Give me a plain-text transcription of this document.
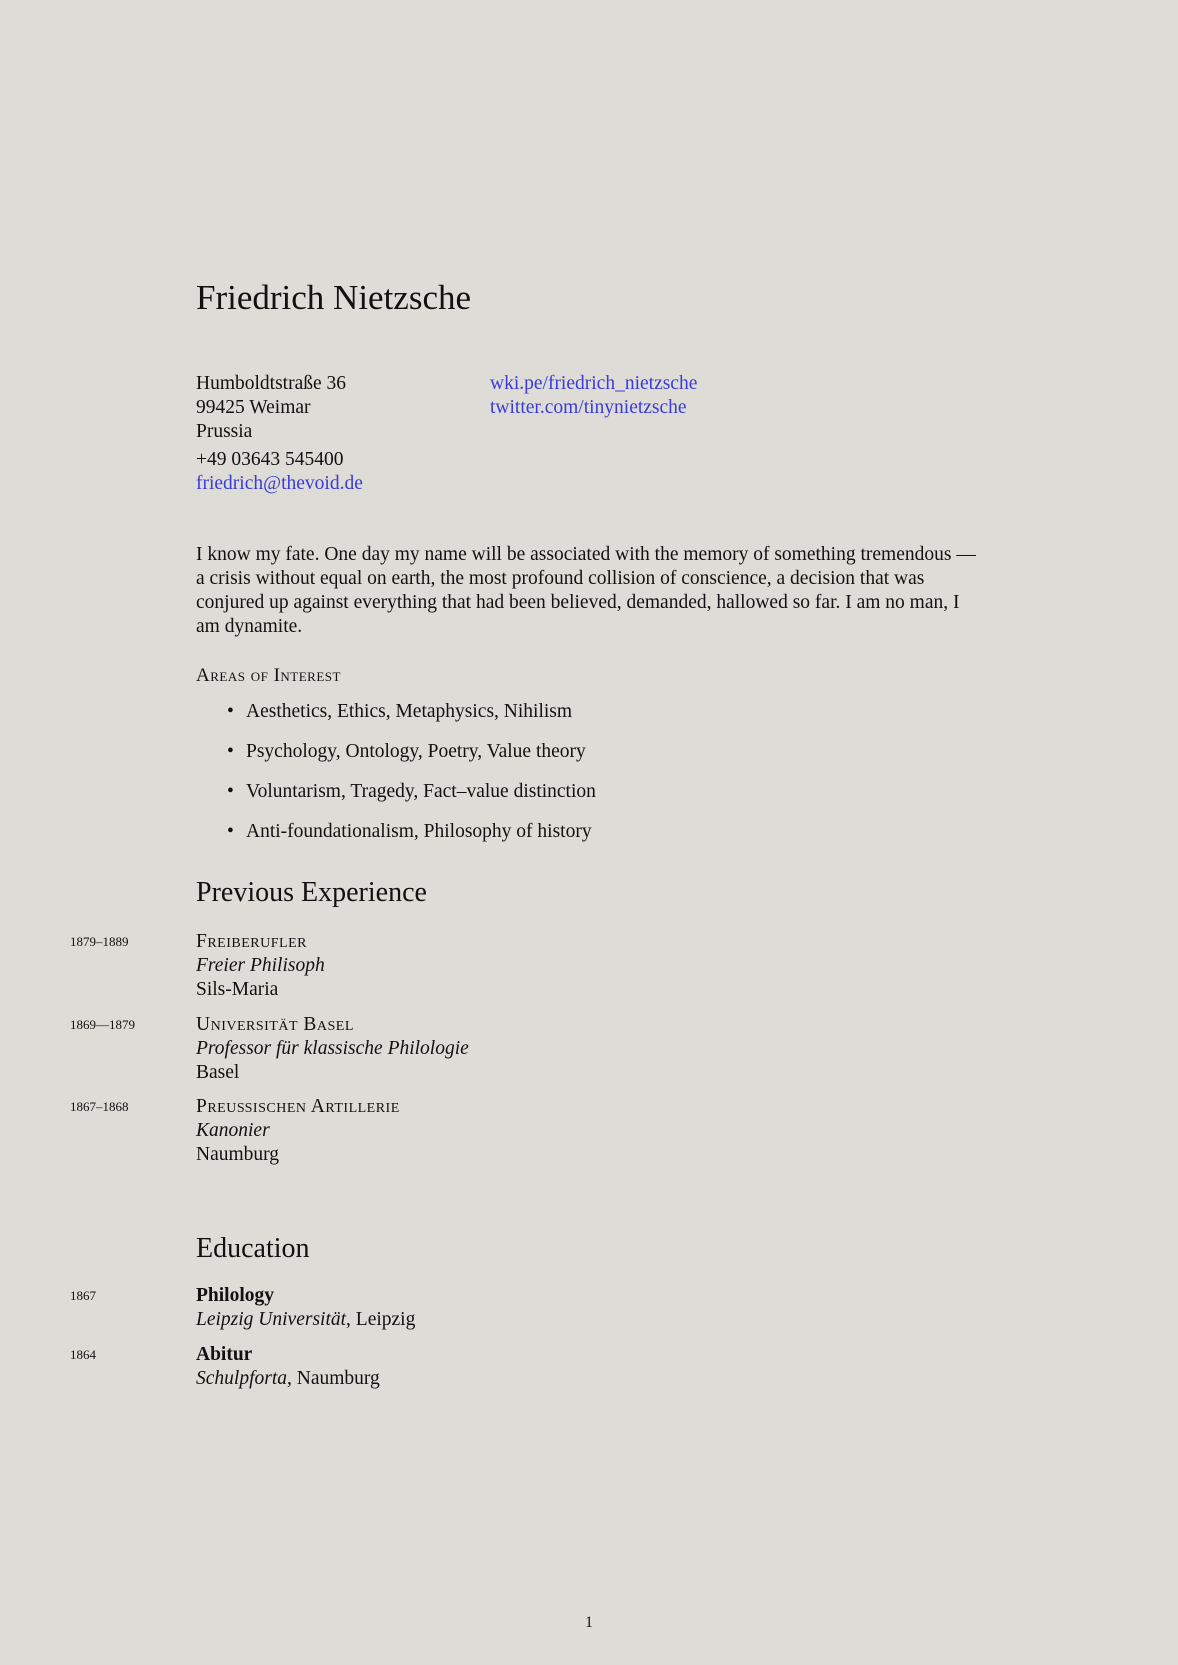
Friedrich Nietzsche
Humboldtstraße 36
99425 Weimar
Prussia
+49 03643 545400
friedrich@thevoid.de
wki.pe/friedrich_nietzsche
twitter.com/tinynietzsche

I know my fate. One day my name will be associated with the memory of something tremendous — a crisis without equal on earth, the most profound collision of conscience, a decision that was conjured up against everything that had been believed, demanded, hallowed so far. I am no man, I am dynamite.

Areas of Interest
• Aesthetics, Ethics, Metaphysics, Nihilism
• Psychology, Ontology, Poetry, Value theory
• Voluntarism, Tragedy, Fact–value distinction
• Anti-foundationalism, Philosophy of history
Previous Experience
1879–1889	Freiberufler
Freier Philisoph
Sils-Maria
1869—1879	Universität Basel
Professor für klassische Philologie
Basel
1867–1868	Preußischen Artillerie
Kanonier
Naumburg
Education
1867	Philology
Leipzig Universität, Leipzig
1864	Abitur
Schulpforta, Naumburg
1
